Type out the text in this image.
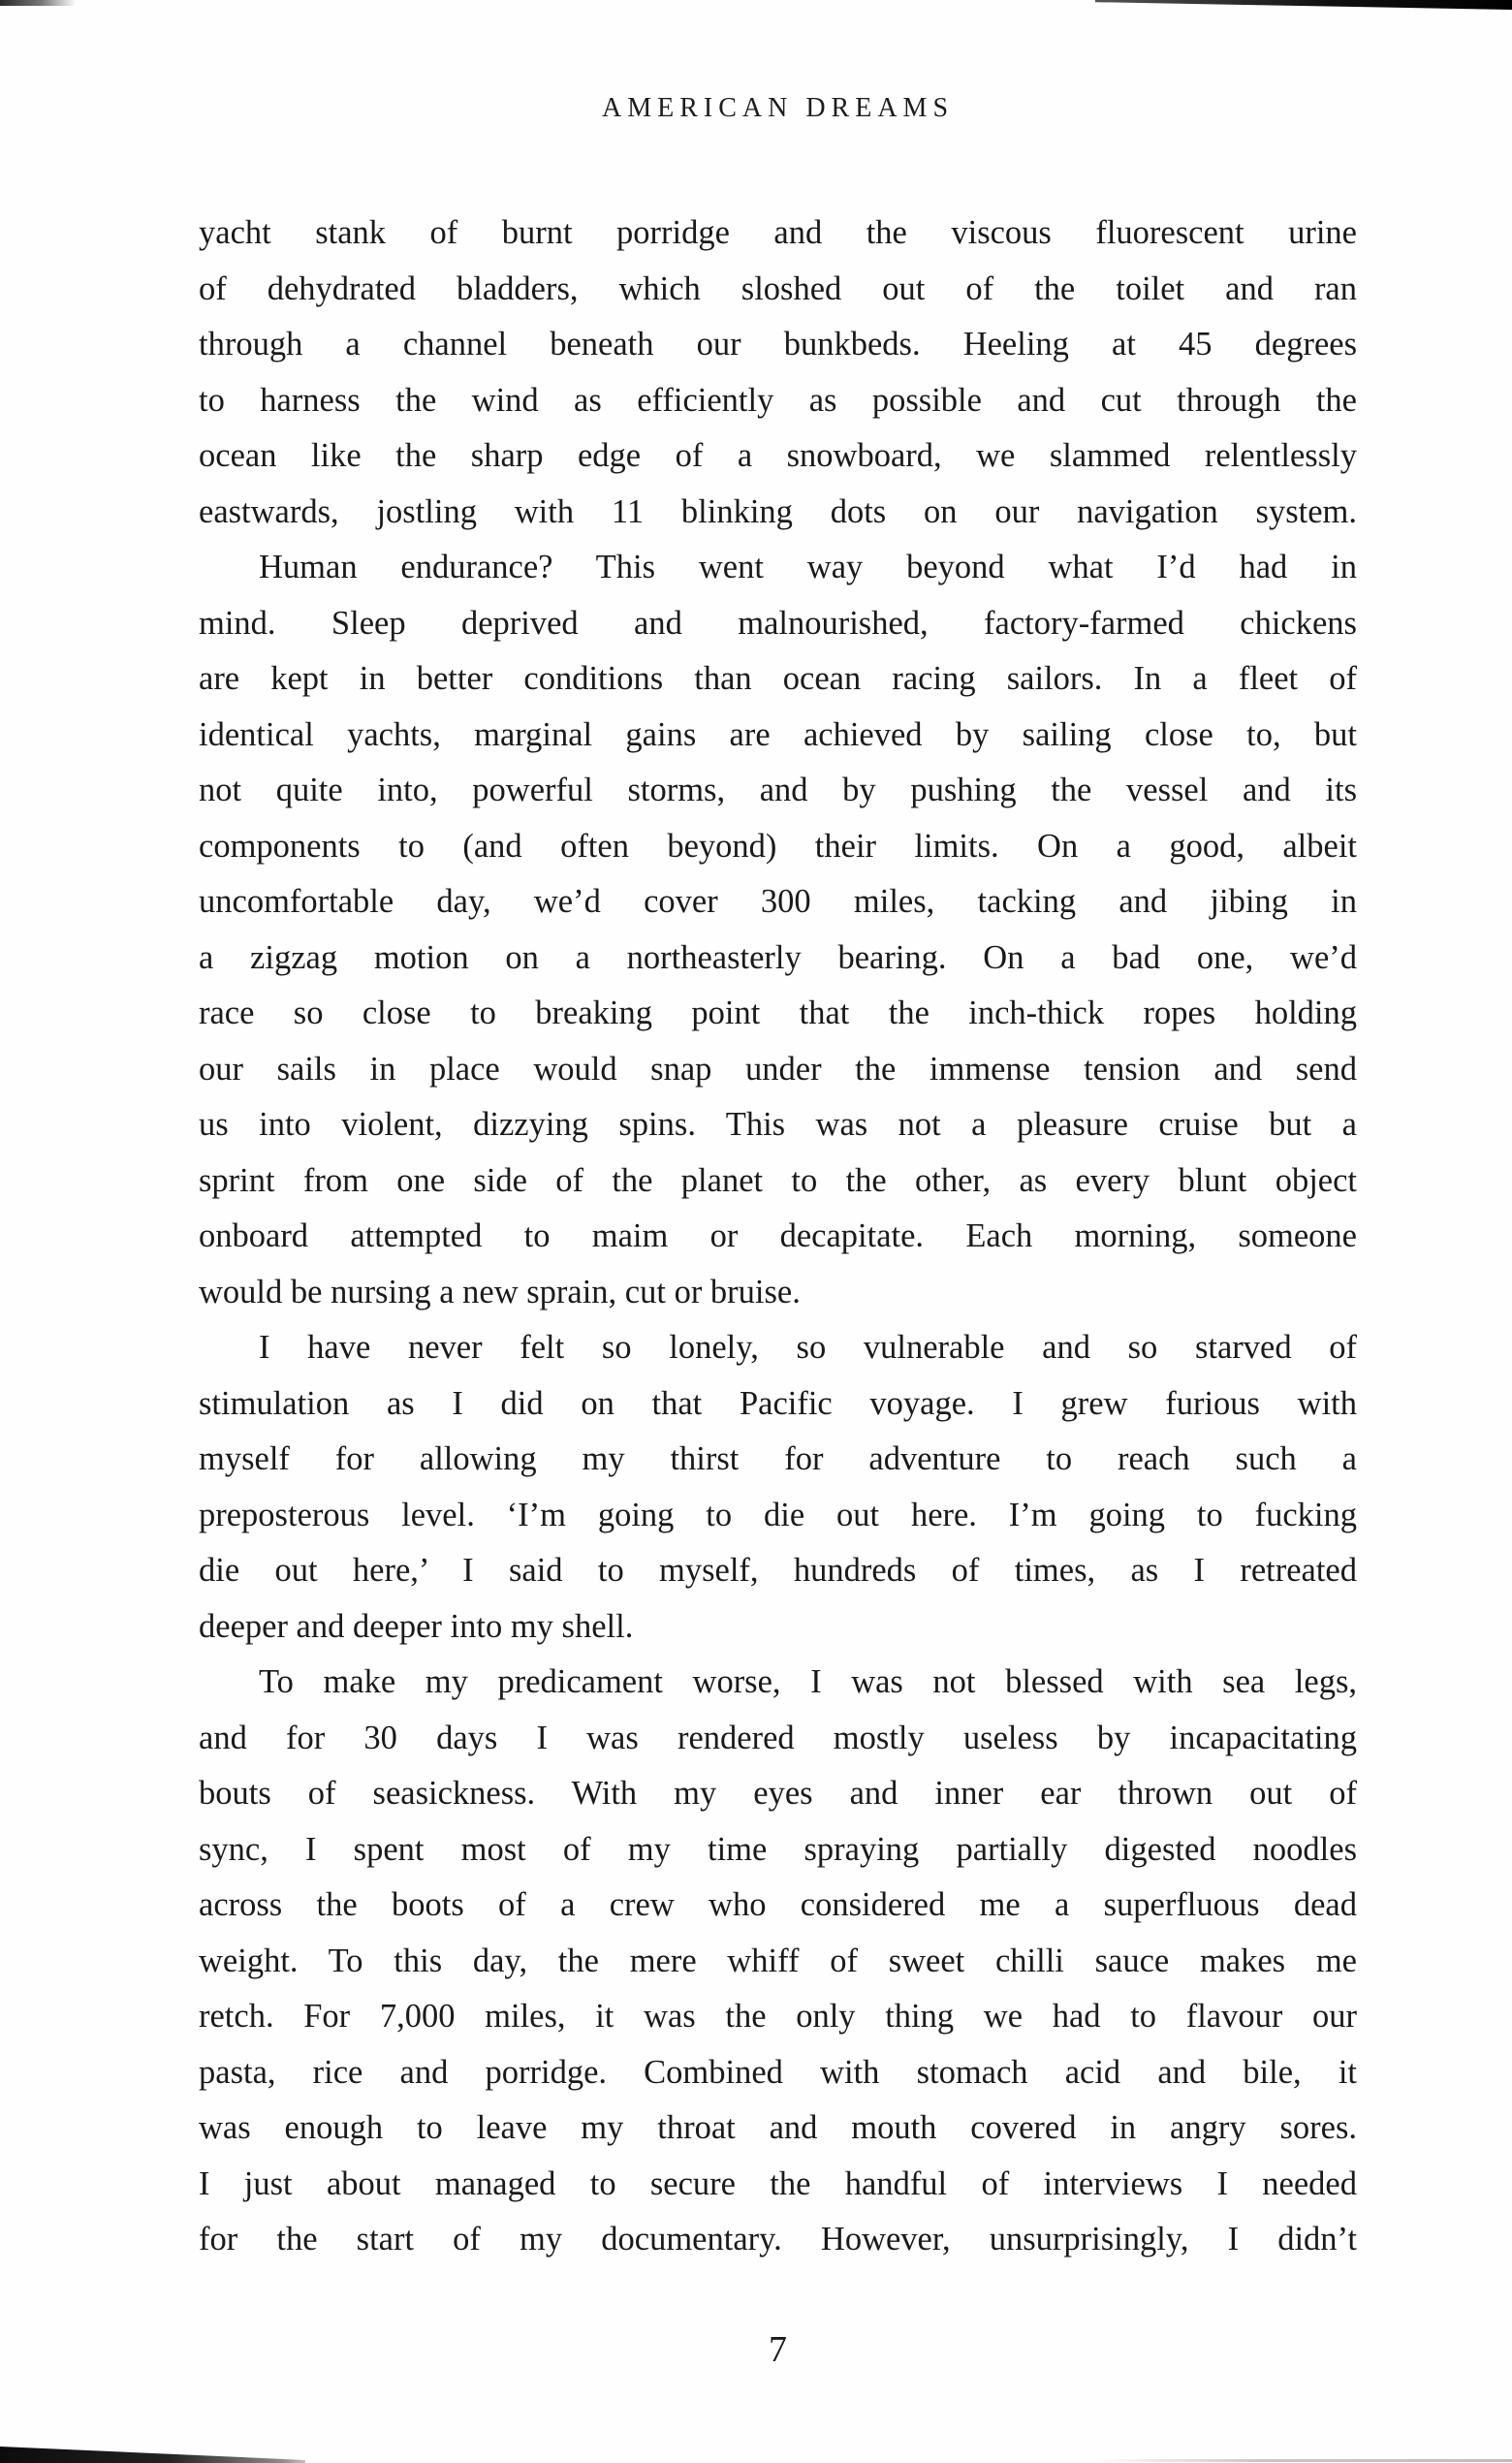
AMERICAN DREAMS
yacht stank of burnt porridge and the viscous fluorescent urine
of dehydrated bladders, which sloshed out of the toilet and ran
through a channel beneath our bunkbeds. Heeling at 45 degrees
to harness the wind as efficiently as possible and cut through the
ocean like the sharp edge of a snowboard, we slammed relentlessly
eastwards, jostling with 11 blinking dots on our navigation system.
Human endurance? This went way beyond what I’d had in
mind. Sleep deprived and malnourished, factory-farmed chickens
are kept in better conditions than ocean racing sailors. In a fleet of
identical yachts, marginal gains are achieved by sailing close to, but
not quite into, powerful storms, and by pushing the vessel and its
components to (and often beyond) their limits. On a good, albeit
uncomfortable day, we’d cover 300 miles, tacking and jibing in
a zigzag motion on a northeasterly bearing. On a bad one, we’d
race so close to breaking point that the inch-thick ropes holding
our sails in place would snap under the immense tension and send
us into violent, dizzying spins. This was not a pleasure cruise but a
sprint from one side of the planet to the other, as every blunt object
onboard attempted to maim or decapitate. Each morning, someone
would be nursing a new sprain, cut or bruise.
I have never felt so lonely, so vulnerable and so starved of
stimulation as I did on that Pacific voyage. I grew furious with
myself for allowing my thirst for adventure to reach such a
preposterous level. ‘I’m going to die out here. I’m going to fucking
die out here,’ I said to myself, hundreds of times, as I retreated
deeper and deeper into my shell.
To make my predicament worse, I was not blessed with sea legs,
and for 30 days I was rendered mostly useless by incapacitating
bouts of seasickness. With my eyes and inner ear thrown out of
sync, I spent most of my time spraying partially digested noodles
across the boots of a crew who considered me a superfluous dead
weight. To this day, the mere whiff of sweet chilli sauce makes me
retch. For 7,000 miles, it was the only thing we had to flavour our
pasta, rice and porridge. Combined with stomach acid and bile, it
was enough to leave my throat and mouth covered in angry sores.
I just about managed to secure the handful of interviews I needed
for the start of my documentary. However, unsurprisingly, I didn’t
7
